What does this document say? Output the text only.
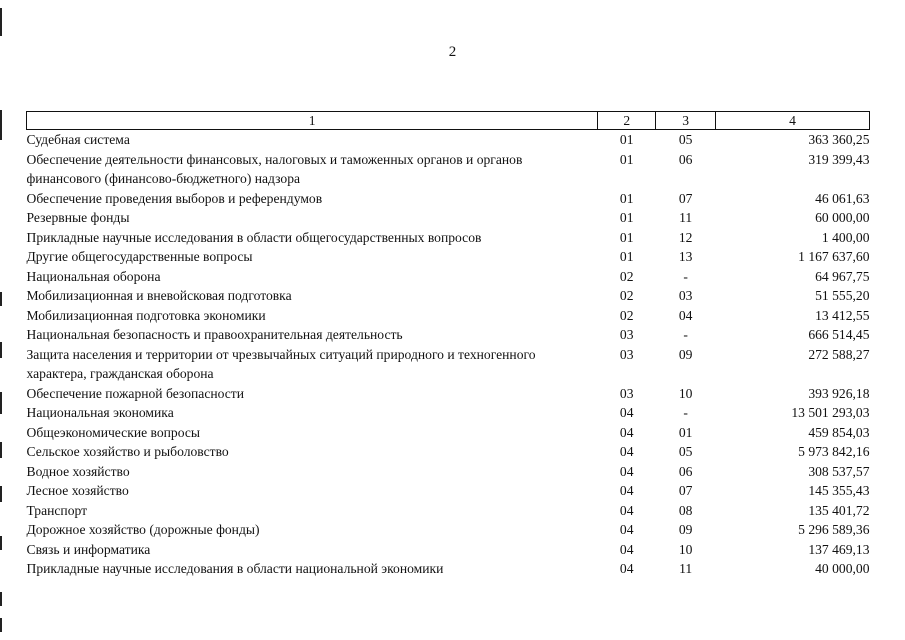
2
1	2	3	4
Судебная система	01	05	363 360,25
Обеспечение деятельности финансовых, налоговых и таможенных органов и органов финансового (финансово-бюджетного) надзора	01	06	319 399,43
Обеспечение проведения выборов и референдумов	01	07	46 061,63
Резервные фонды	01	11	60 000,00
Прикладные научные исследования в области общегосударственных вопросов	01	12	1 400,00
Другие общегосударственные вопросы	01	13	1 167 637,60
Национальная оборона	02	-	64 967,75
Мобилизационная и вневойсковая подготовка	02	03	51 555,20
Мобилизационная подготовка экономики	02	04	13 412,55
Национальная безопасность и правоохранительная деятельность	03	-	666 514,45
Защита населения и территории от чрезвычайных ситуаций природного и техногенного характера, гражданская оборона	03	09	272 588,27
Обеспечение пожарной безопасности	03	10	393 926,18
Национальная экономика	04	-	13 501 293,03
Общеэкономические вопросы	04	01	459 854,03
Сельское хозяйство и рыболовство	04	05	5 973 842,16
Водное хозяйство	04	06	308 537,57
Лесное хозяйство	04	07	145 355,43
Транспорт	04	08	135 401,72
Дорожное хозяйство (дорожные фонды)	04	09	5 296 589,36
Связь и информатика	04	10	137 469,13
Прикладные научные исследования в области национальной экономики	04	11	40 000,00
